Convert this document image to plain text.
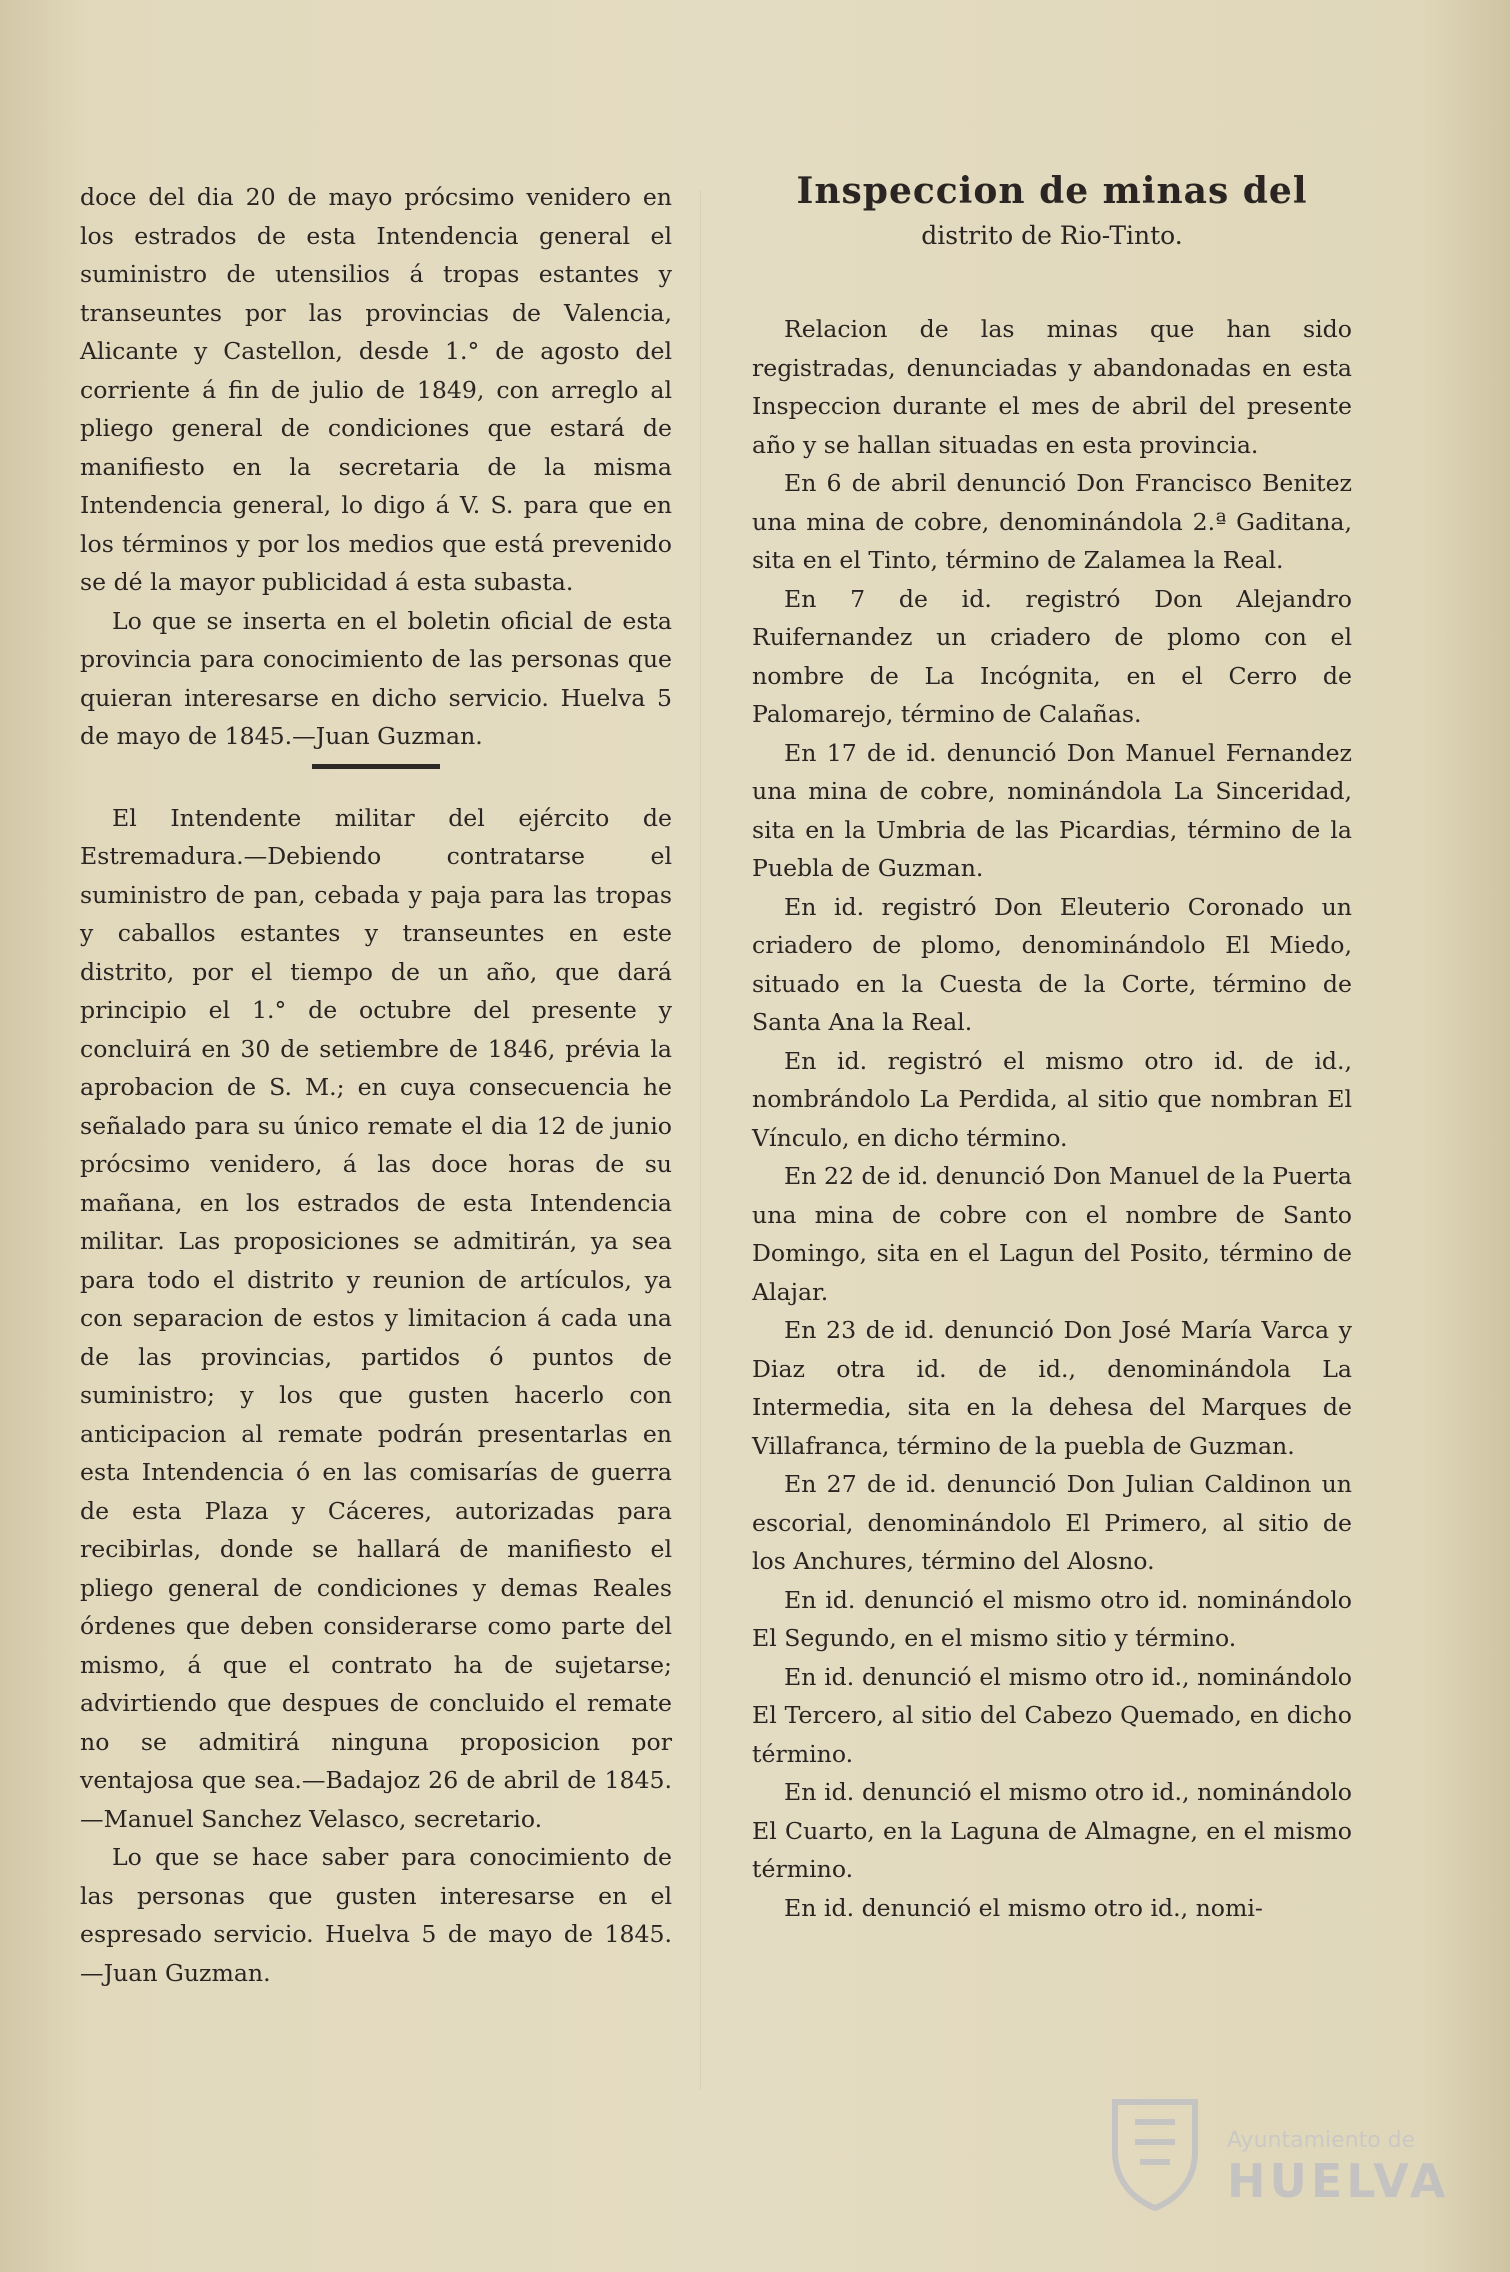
doce del dia 20 de mayo prócsimo venidero en los estrados de esta Intendencia general el suministro de utensilios á tropas estantes y transeuntes por las provincias de Valencia, Alicante y Castellon, desde 1.° de agosto del corriente á fin de julio de 1849, con arreglo al pliego general de condiciones que estará de manifiesto en la secretaria de la misma Intendencia general, lo digo á V. S. para que en los términos y por los medios que está prevenido se dé la mayor publicidad á esta subasta.

Lo que se inserta en el boletin oficial de esta provincia para conocimiento de las personas que quieran interesarse en dicho servicio. Huelva 5 de mayo de 1845.—Juan Guzman.

El Intendente militar del ejército de Estremadura.—Debiendo contratarse el suministro de pan, cebada y paja para las tropas y caballos estantes y transeuntes en este distrito, por el tiempo de un año, que dará principio el 1.° de octubre del presente y concluirá en 30 de setiembre de 1846, prévia la aprobacion de S. M.; en cuya consecuencia he señalado para su único remate el dia 12 de junio prócsimo venidero, á las doce horas de su mañana, en los estrados de esta Intendencia militar. Las proposiciones se admitirán, ya sea para todo el distrito y reunion de artículos, ya con separacion de estos y limitacion á cada una de las provincias, partidos ó puntos de suministro; y los que gusten hacerlo con anticipacion al remate podrán presentarlas en esta Intendencia ó en las comisarías de guerra de esta Plaza y Cáceres, autorizadas para recibirlas, donde se hallará de manifiesto el pliego general de condiciones y demas Reales órdenes que deben considerarse como parte del mismo, á que el contrato ha de sujetarse; advirtiendo que despues de concluido el remate no se admitirá ninguna proposicion por ventajosa que sea.—Badajoz 26 de abril de 1845.—Manuel Sanchez Velasco, secretario.

Lo que se hace saber para conocimiento de las personas que gusten interesarse en el espresado servicio. Huelva 5 de mayo de 1845. —Juan Guzman.

Inspeccion de minas del
distrito de Rio-Tinto.

Relacion de las minas que han sido registradas, denunciadas y abandonadas en esta Inspeccion durante el mes de abril del presente año y se hallan situadas en esta provincia.

En 6 de abril denunció Don Francisco Benitez una mina de cobre, denominándola 2.ª Gaditana, sita en el Tinto, término de Zalamea la Real.

En 7 de id. registró Don Alejandro Ruifernandez un criadero de plomo con el nombre de La Incógnita, en el Cerro de Palomarejo, término de Calañas.

En 17 de id. denunció Don Manuel Fernandez una mina de cobre, nominándola La Sinceridad, sita en la Umbria de las Picardias, término de la Puebla de Guzman.

En id. registró Don Eleuterio Coronado un criadero de plomo, denominándolo El Miedo, situado en la Cuesta de la Corte, término de Santa Ana la Real.

En id. registró el mismo otro id. de id., nombrándolo La Perdida, al sitio que nombran El Vínculo, en dicho término.

En 22 de id. denunció Don Manuel de la Puerta una mina de cobre con el nombre de Santo Domingo, sita en el Lagun del Posito, término de Alajar.

En 23 de id. denunció Don José María Varca y Diaz otra id. de id., denominándola La Intermedia, sita en la dehesa del Marques de Villafranca, término de la puebla de Guzman.

En 27 de id. denunció Don Julian Caldinon un escorial, denominándolo El Primero, al sitio de los Anchures, término del Alosno.

En id. denunció el mismo otro id. nominándolo El Segundo, en el mismo sitio y término.

En id. denunció el mismo otro id., nominándolo El Tercero, al sitio del Cabezo Quemado, en dicho término.

En id. denunció el mismo otro id., nominándolo El Cuarto, en la Laguna de Almagne, en el mismo término.

En id. denunció el mismo otro id., nomi-

Ayuntamiento de
HUELVA
